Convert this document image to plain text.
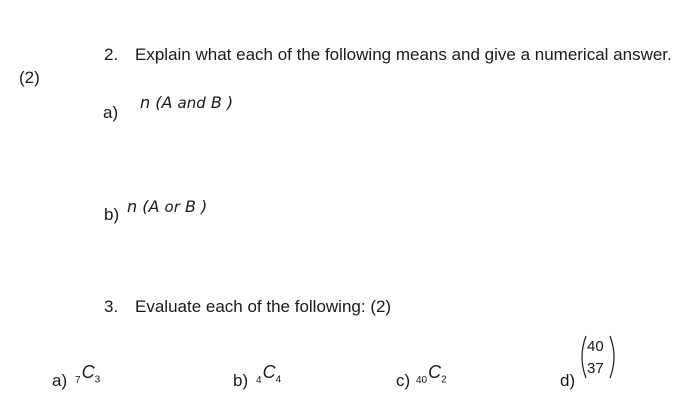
(2)
2. Explain what each of the following means and give a numerical answer.
a)
n (A and B )
b) n (A or B )
3. Evaluate each of the following: (2)
a) $_7C_3$	b) $_4C_4$	c) $_{40}C_2$	d)
40
37
